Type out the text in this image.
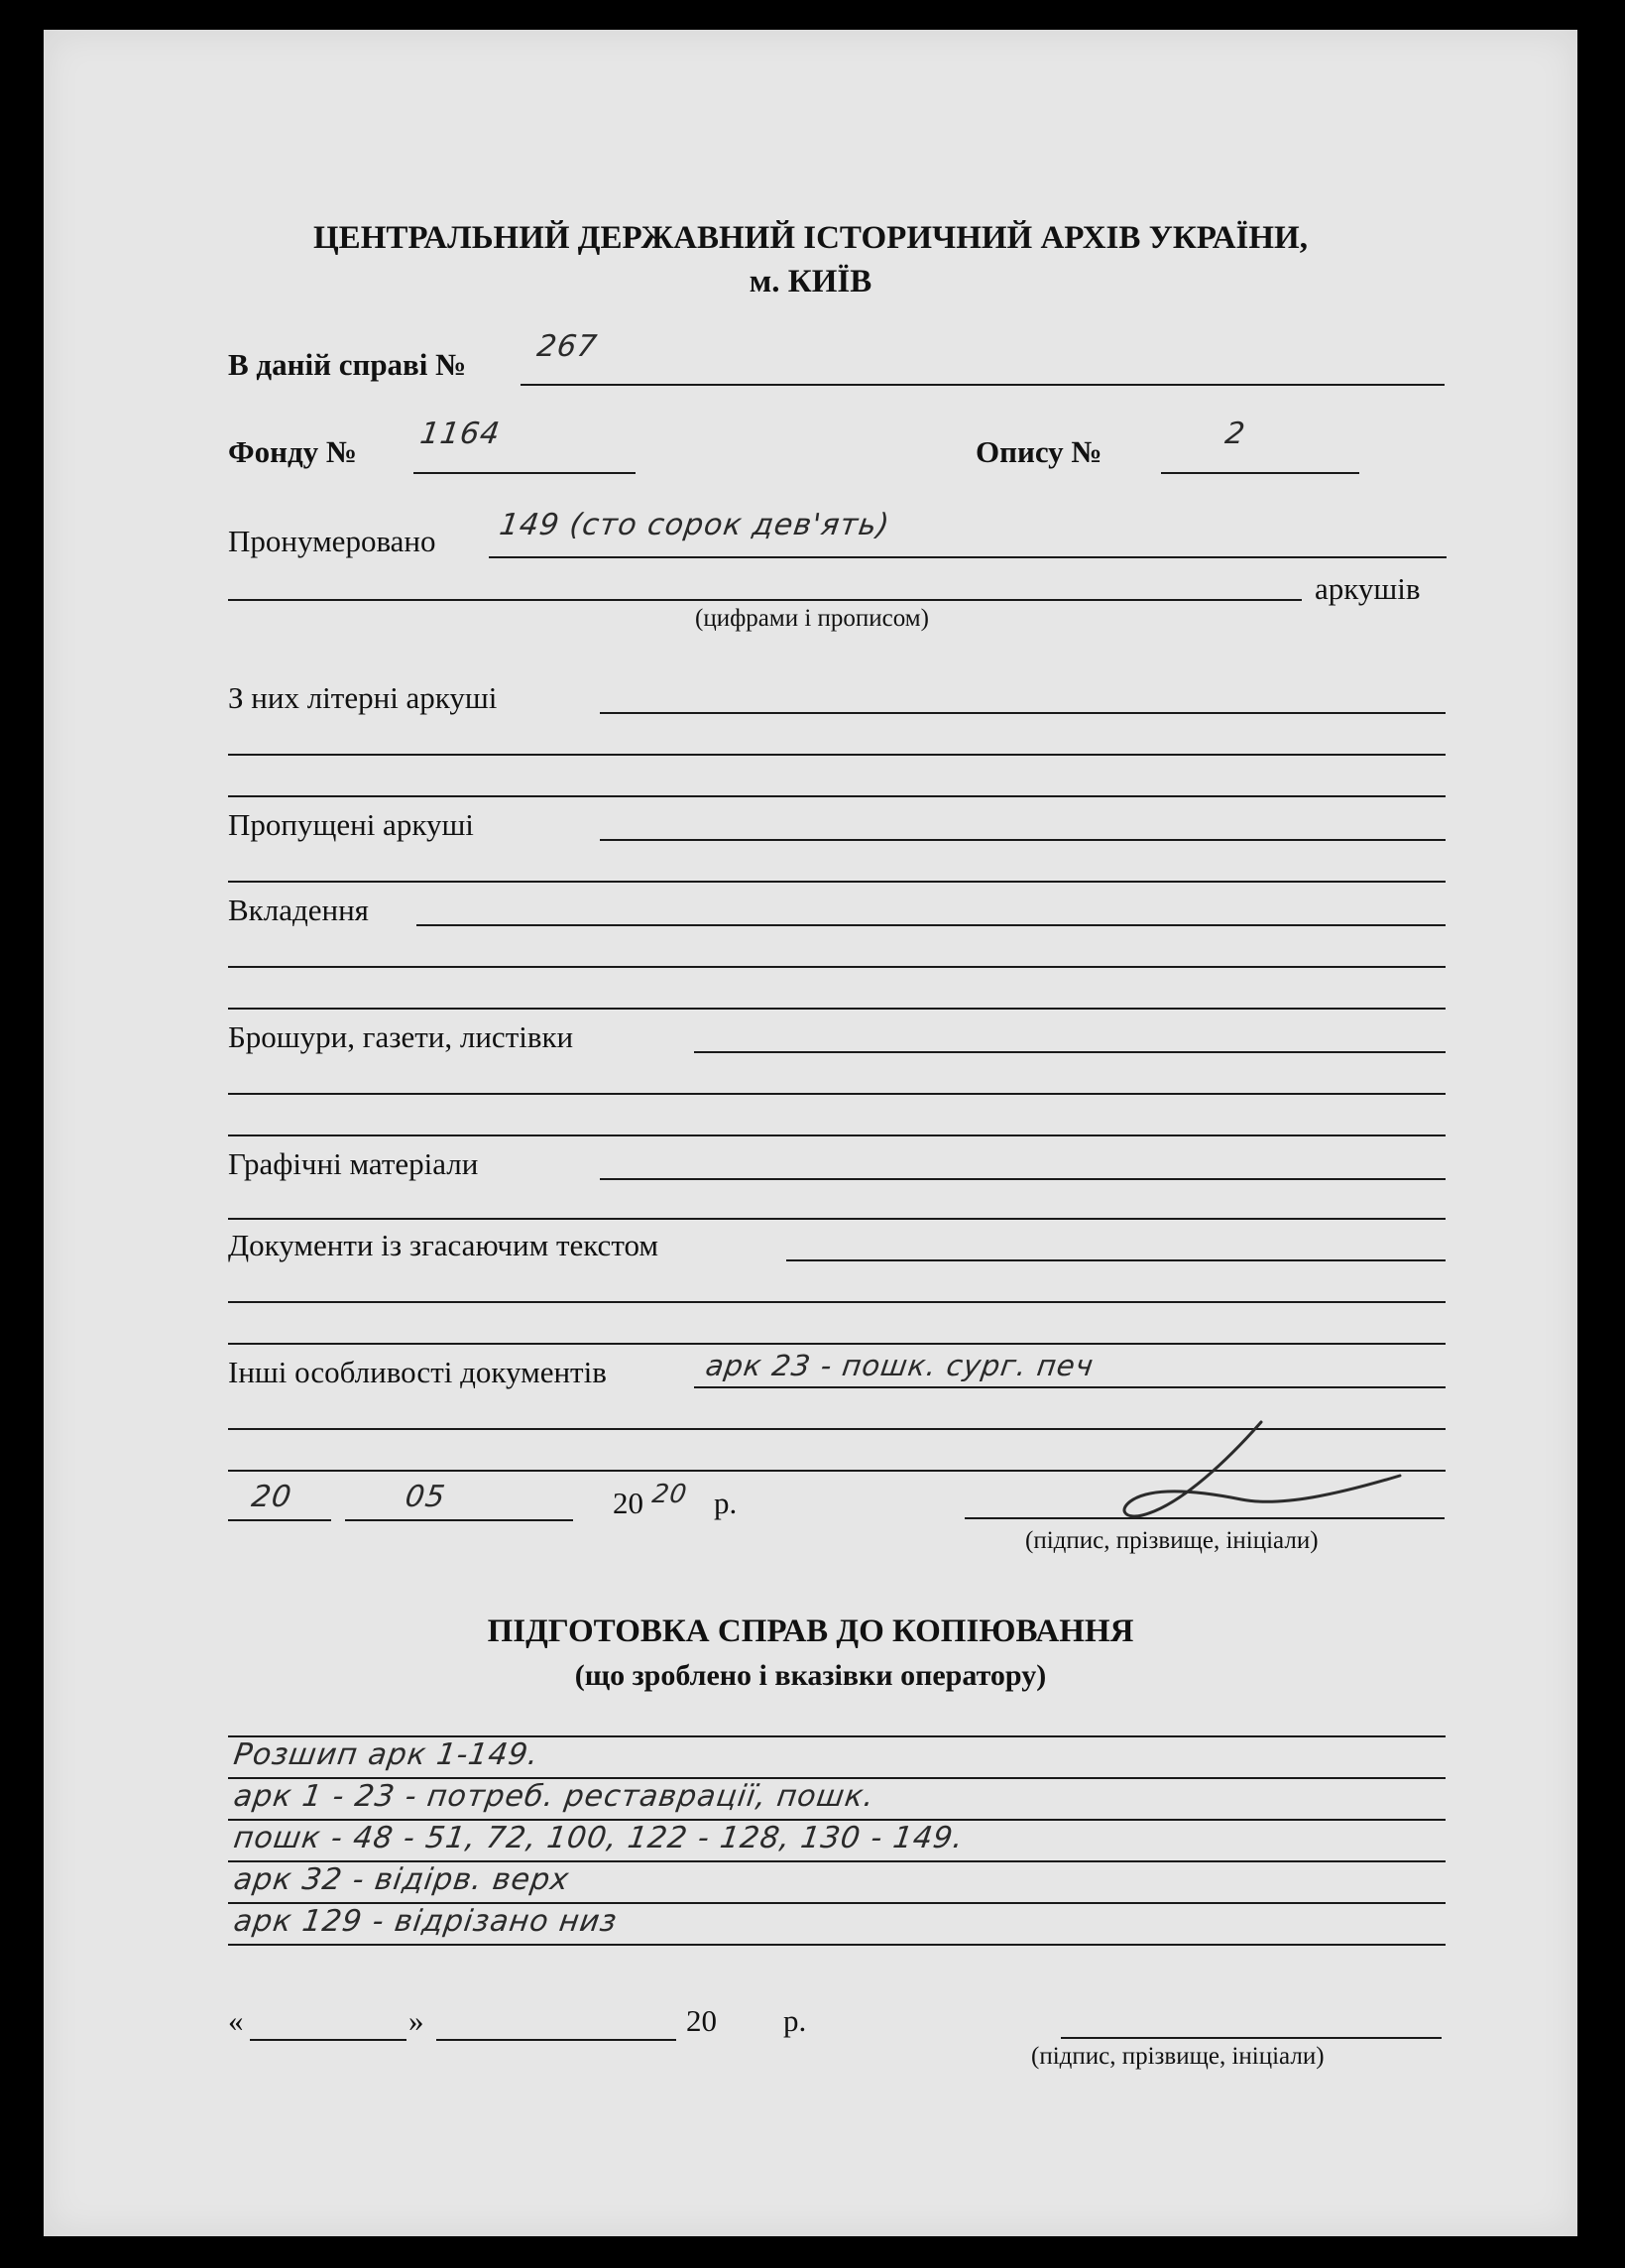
ЦЕНТРАЛЬНИЙ ДЕРЖАВНИЙ ІСТОРИЧНИЙ АРХІВ УКРАЇНИ,
м. КИЇВ
В даній справі №
267
Фонду №
1164
Опису №
2
Пронумеровано 149 (сто сорок дев'ять)
аркушів
(цифрами і прописом)
З них літерні аркуші
Пропущені аркуші
Вкладення
Брошури, газети, листівки
Графічні матеріали
Документи із згасаючим текстом
Інші особливості документів	арк 23 - пошк. сург. печ
20	05	20 20 р.
(підпис, прізвище, ініціали)
ПІДГОТОВКА СПРАВ ДО КОПІЮВАННЯ
(що зроблено і вказівки оператору)
Розшип арк 1-149.
арк 1 - 23 - потреб. реставрації, пошк.
пошк - 48 - 51, 72, 100, 122 - 128, 130 - 149.
арк 32 - відірв. верх
арк 129 - відрізано низ
«	»	20 р.
(підпис, прізвище, ініціали)
